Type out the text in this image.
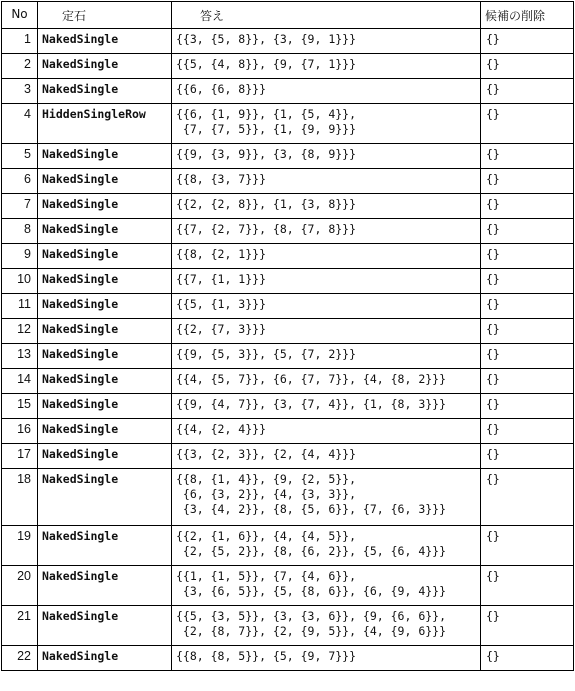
No	定石	答え	候補の削除
1	NakedSingle	{{3, {5, 8}}, {3, {9, 1}}}	{}
2	NakedSingle	{{5, {4, 8}}, {9, {7, 1}}}	{}
3	NakedSingle	{{6, {6, 8}}}	{}
4	HiddenSingleRow	{{6, {1, 9}}, {1, {5, 4}},
{7, {7, 5}}, {1, {9, 9}}}	{}
5	NakedSingle	{{9, {3, 9}}, {3, {8, 9}}}	{}
6	NakedSingle	{{8, {3, 7}}}	{}
7	NakedSingle	{{2, {2, 8}}, {1, {3, 8}}}	{}
8	NakedSingle	{{7, {2, 7}}, {8, {7, 8}}}	{}
9	NakedSingle	{{8, {2, 1}}}	{}
10	NakedSingle	{{7, {1, 1}}}	{}
11	NakedSingle	{{5, {1, 3}}}	{}
12	NakedSingle	{{2, {7, 3}}}	{}
13	NakedSingle	{{9, {5, 3}}, {5, {7, 2}}}	{}
14	NakedSingle	{{4, {5, 7}}, {6, {7, 7}}, {4, {8, 2}}}	{}
15	NakedSingle	{{9, {4, 7}}, {3, {7, 4}}, {1, {8, 3}}}	{}
16	NakedSingle	{{4, {2, 4}}}	{}
17	NakedSingle	{{3, {2, 3}}, {2, {4, 4}}}	{}
18	NakedSingle	{{8, {1, 4}}, {9, {2, 5}},
{6, {3, 2}}, {4, {3, 3}},
{3, {4, 2}}, {8, {5, 6}}, {7, {6, 3}}}	{}
19	NakedSingle	{{2, {1, 6}}, {4, {4, 5}},
{2, {5, 2}}, {8, {6, 2}}, {5, {6, 4}}}	{}
20	NakedSingle	{{1, {1, 5}}, {7, {4, 6}},
{3, {6, 5}}, {5, {8, 6}}, {6, {9, 4}}}	{}
21	NakedSingle	{{5, {3, 5}}, {3, {3, 6}}, {9, {6, 6}},
{2, {8, 7}}, {2, {9, 5}}, {4, {9, 6}}}	{}
22	NakedSingle	{{8, {8, 5}}, {5, {9, 7}}}	{}
